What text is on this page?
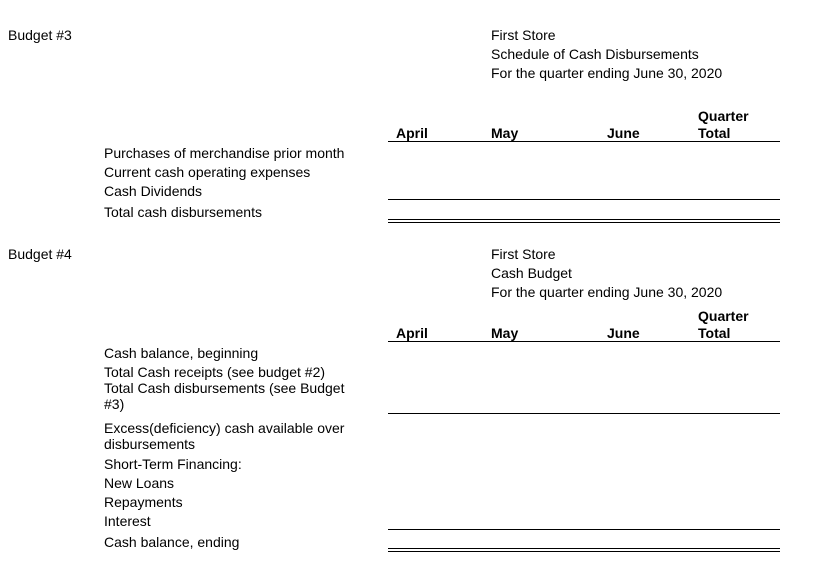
Budget #3	First Store
Schedule of Cash Disbursements
For the quarter ending June 30, 2020
Quarter
April	May	June	Total
Purchases of merchandise prior month
Current cash operating expenses
Cash Dividends
Total cash disbursements
Budget #4	First Store
Cash Budget
For the quarter ending June 30, 2020
Quarter
April	May	June	Total
Cash balance, beginning
Total Cash receipts (see budget #2)
Total Cash disbursements (see Budget #3)
Excess(deficiency) cash available over disbursements
Short-Term Financing:
New Loans
Repayments
Interest
Cash balance, ending
